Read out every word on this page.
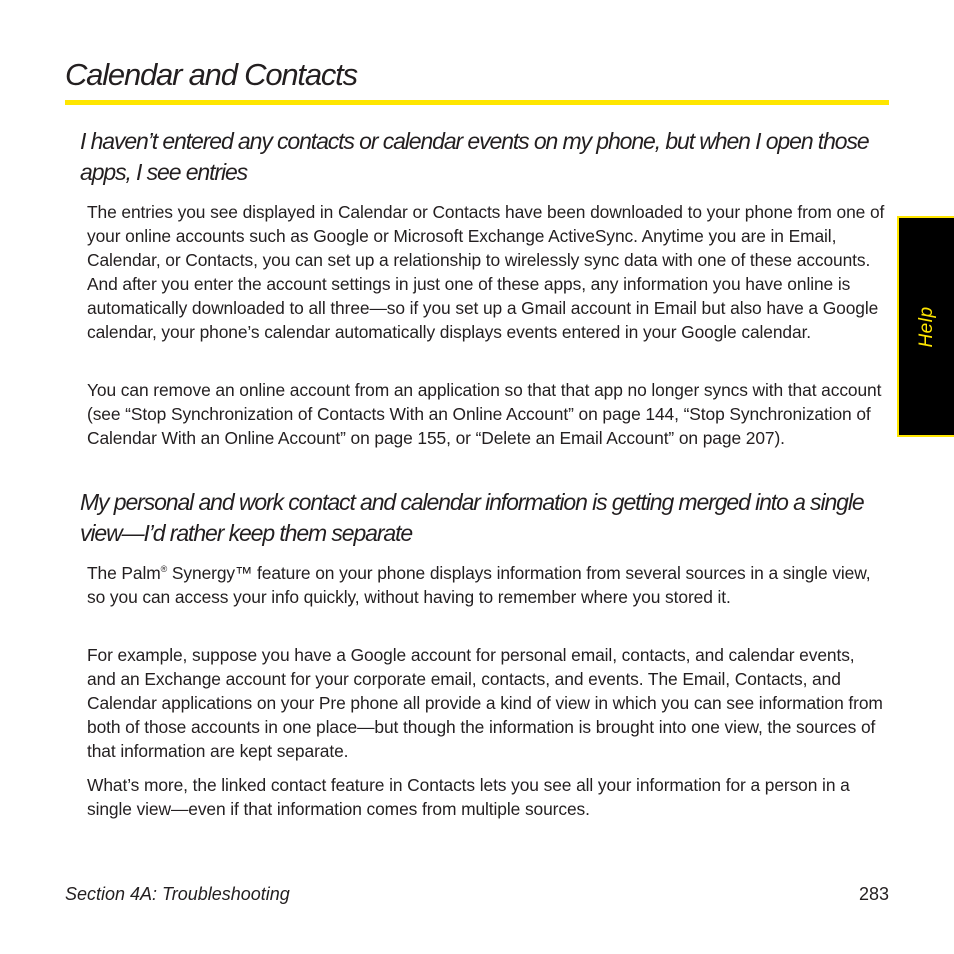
Calendar and Contacts
I haven’t entered any contacts or calendar events on my phone, but when I open those apps, I see entries

The entries you see displayed in Calendar or Contacts have been downloaded to your phone from one of your online accounts such as Google or Microsoft Exchange ActiveSync. Anytime you are in Email, Calendar, or Contacts, you can set up a relationship to wirelessly sync data with one of these accounts. And after you enter the account settings in just one of these apps, any information you have online is automatically downloaded to all three—so if you set up a Gmail account in Email but also have a Google calendar, your phone’s calendar automatically displays events entered in your Google calendar.

You can remove an online account from an application so that that app no longer syncs with that account (see “Stop Synchronization of Contacts With an Online Account” on page 144, “Stop Synchronization of Calendar With an Online Account” on page 155, or “Delete an Email Account” on page 207).

My personal and work contact and calendar information is getting merged into a single view—I’d rather keep them separate

The Palm® Synergy™ feature on your phone displays information from several sources in a single view, so you can access your info quickly, without having to remember where you stored it.

For example, suppose you have a Google account for personal email, contacts, and calendar events, and an Exchange account for your corporate email, contacts, and events. The Email, Contacts, and Calendar applications on your Pre phone all provide a kind of view in which you can see information from both of those accounts in one place—but though the information is brought into one view, the sources of that information are kept separate.

What’s more, the linked contact feature in Contacts lets you see all your information for a person in a single view—even if that information comes from multiple sources.

Help
Section 4A: Troubleshooting	283
